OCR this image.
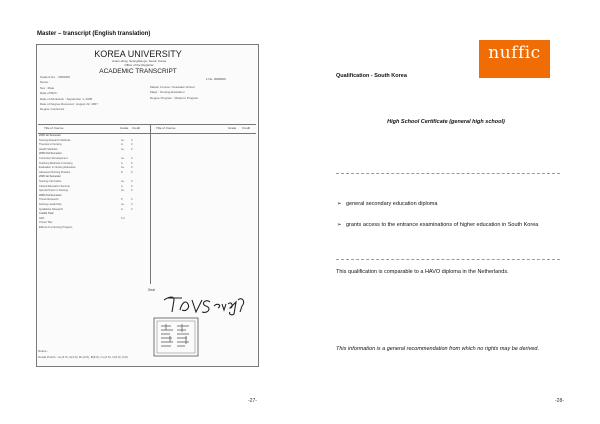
Master – transcript (English translation)
KOREA UNIVERSITY
Anam-dong, Seongbuk-gu, Seoul, Korea
Office of the Registrar
ACADEMIC TRANSCRIPT
1 No. 0000000
Student No. : 0000000
Name :
Sex : Male
Date of Birth :
Date of Admission : September 1, 2005
Date of Degree Received : August 22, 2007
Degree Conferred :
Master Course / Graduate School
Major : Nursing Education
Degree Program : Master's Program
Title of Course	Grade Credit	Title of Course	Grade Credit
2005 1st Semester
Nursing Research Methods	A+	3
Theories in Nursing	A	3
Health Statistics	A+	3
2005 2nd Semester
Curriculum Development	A+	3
Teaching Methods in Nursing	A	3
Evaluation in Nursing Education	A+	3
Advanced Nursing Practice	P	0
2006 1st Semester
Nursing Informatics	A+	3
Clinical Education Seminar	A	3
Special Topics in Nursing	A+	3
2006 2nd Semester
Thesis Research	P	3
Nursing Leadership	A+	3
Qualitative Research	A	3
Credits Total
GPA	4.4
Thesis Title :
Effects of a Nursing Program
Seal
Notice :
Grade Points : A+(4.5), A(4.0), B+(3.5), B(3.0), C+(2.5), C(2.0), F(0)
-27-
nuffic
Qualification - South Korea
High School Certificate (general high school)
➢ general secondary education diploma
➢ grants access to the entrance examinations of higher education in South Korea
This qualification is comparable to a HAVO diploma in the Netherlands.
This information is a general recommendation from which no rights may be derived.
-28-
